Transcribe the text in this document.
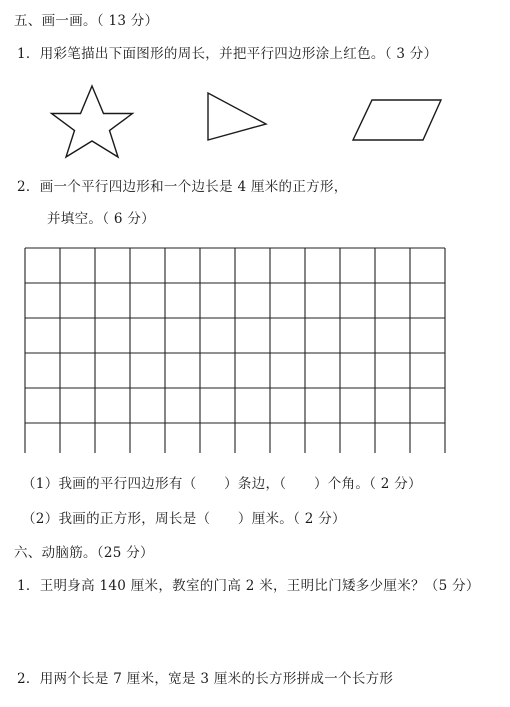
五、画一画。（ 13 分）
1．用彩笔描出下面图形的周长，并把平行四边形涂上红色。（ 3 分）
2．画一个平行四边形和一个边长是 4 厘米的正方形，
并填空。（ 6 分）
（1）我画的平行四边形有（　　）条边，（　　）个角。（ 2 分）
（2）我画的正方形，周长是（　　）厘米。（ 2 分）
六、动脑筋。（25 分）
1．王明身高 140 厘米，教室的门高 2 米，王明比门矮多少厘米？（5 分）
2．用两个长是 7 厘米，宽是 3 厘米的长方形拼成一个长方形
